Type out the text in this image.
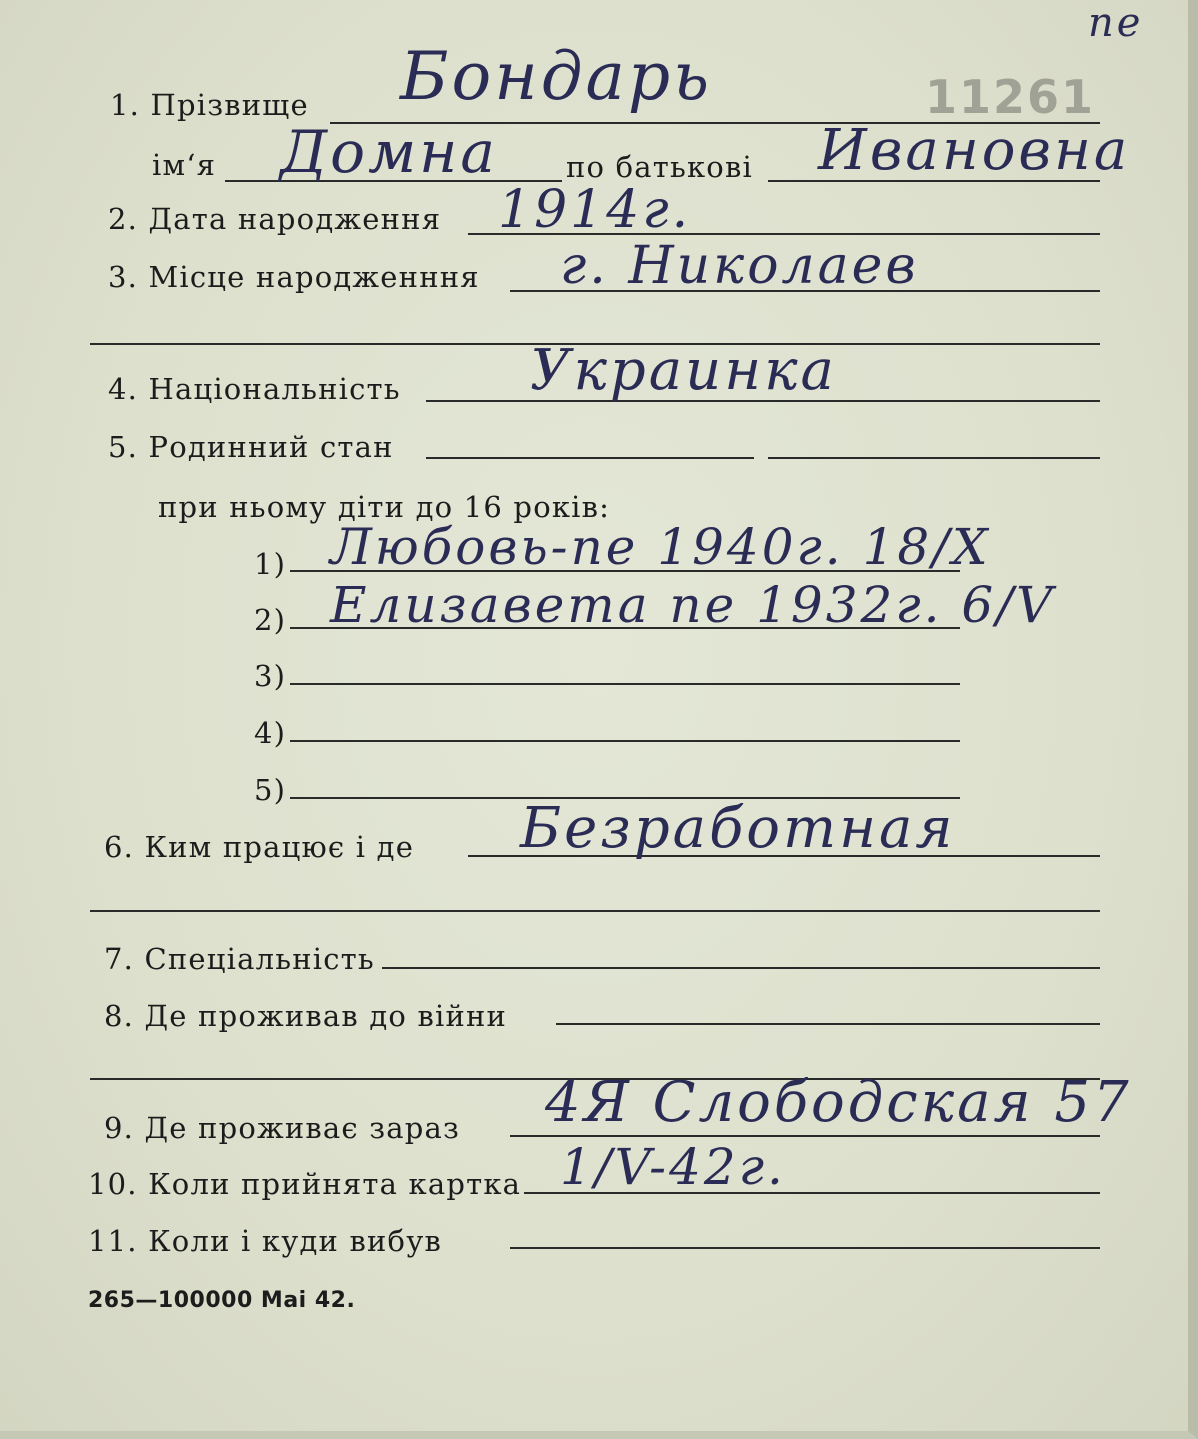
пе
11261
1. Прізвище Бондарь
ім‘я Домна по батькові Ивановна
2. Дата народження 1914г.
3. Місце народженння г. Николаев
4. Національність Украинка
5. Родинний стан
при ньому діти до 16 років:
1) Любовь-пе 1940г. 18/X
2) Елизавета пе 1932г. 6/V
3)
4)
5)
6. Ким працює і де Безработная
7. Спеціальність
8. Де проживав до війни
9. Де проживає зараз 4Я Слободская 57
10. Коли прийнята картка 1/V-42г.
11. Коли і куди вибув
265—100000 Mai 42.
